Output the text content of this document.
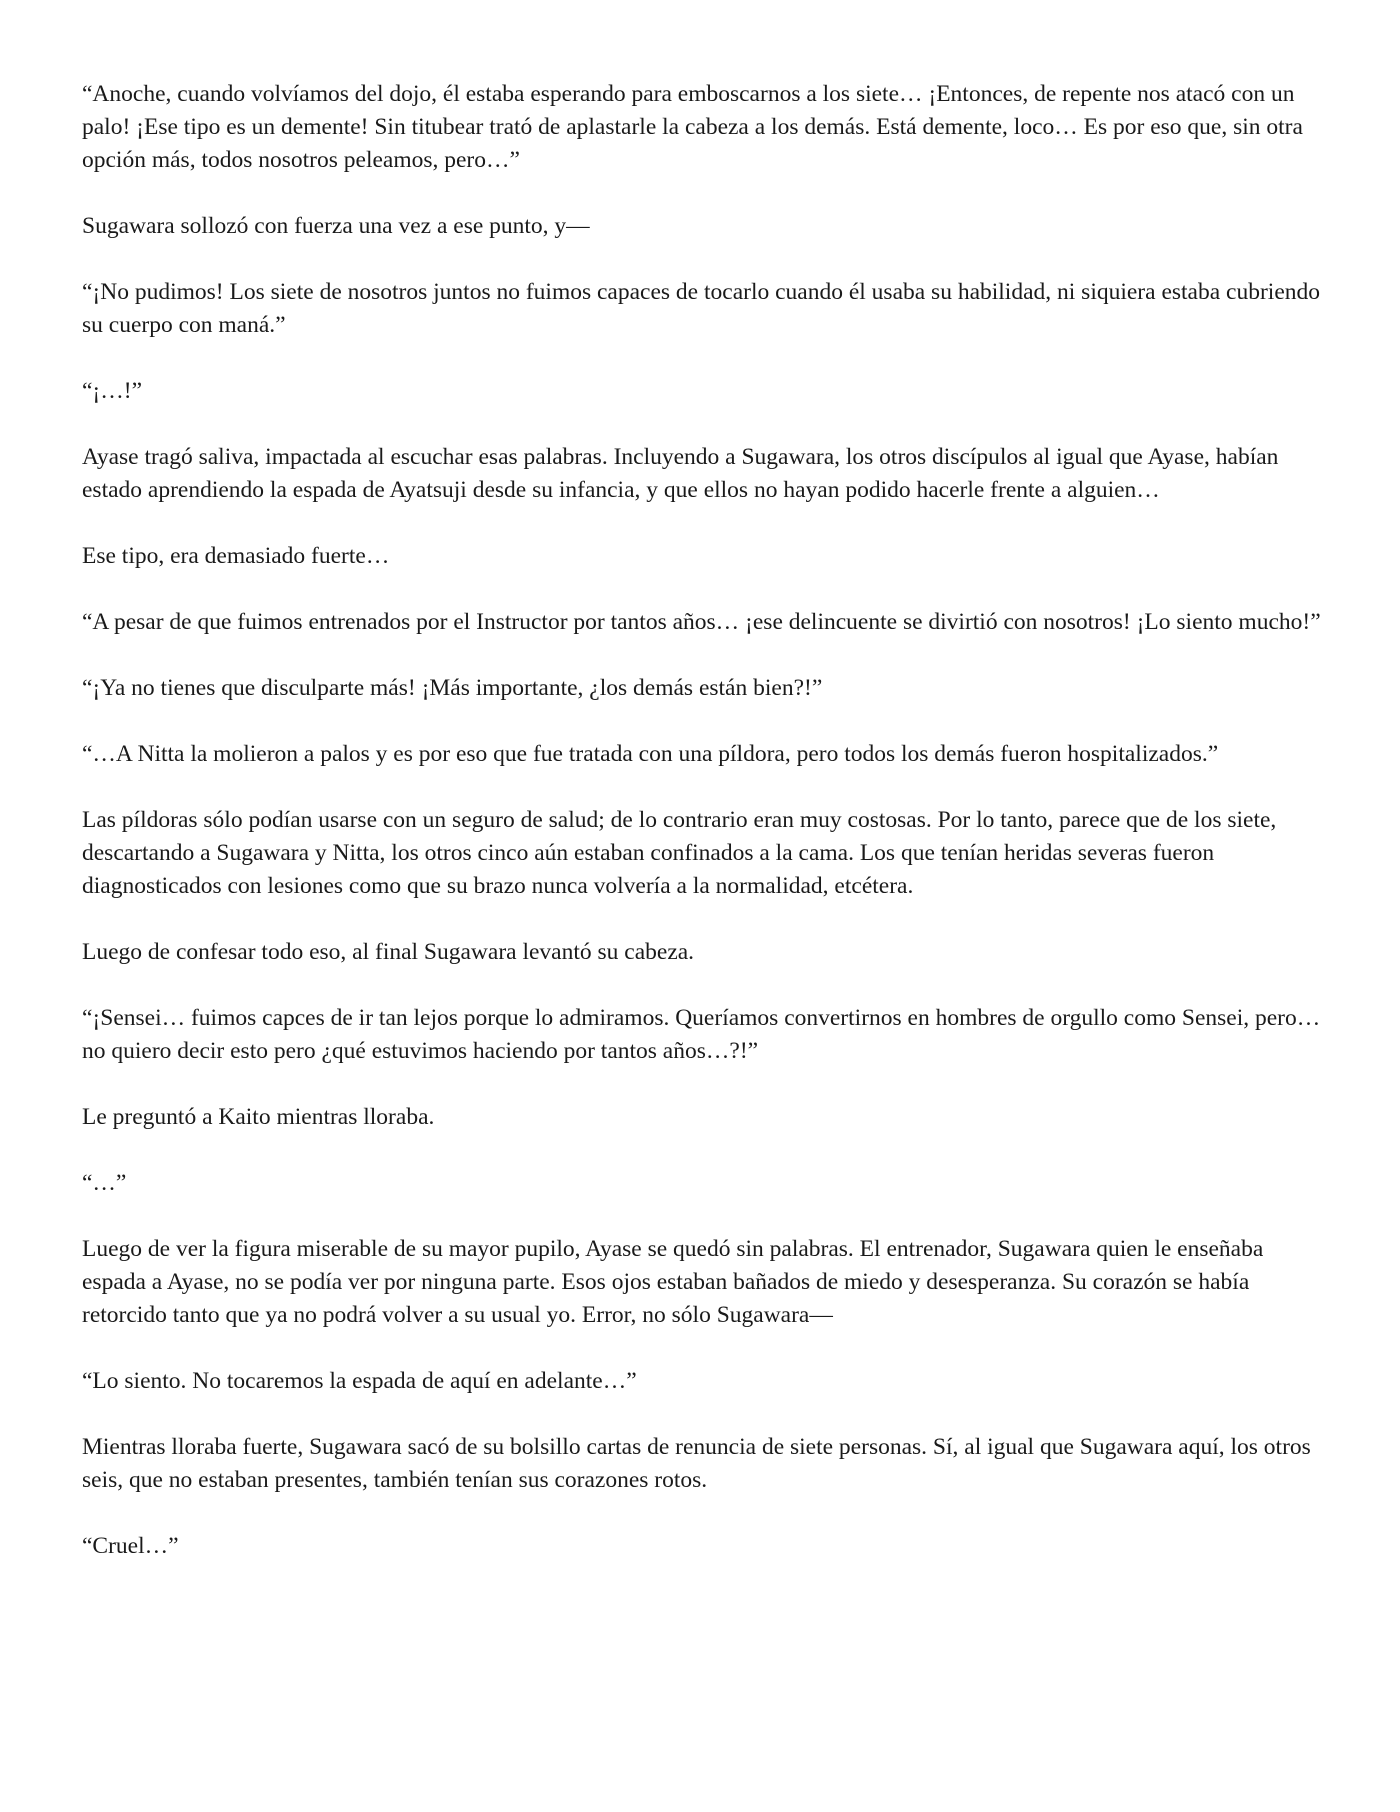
“Anoche, cuando volvíamos del dojo, él estaba esperando para emboscarnos a los siete… ¡Entonces, de repente nos atacó con un palo! ¡Ese tipo es un demente! Sin titubear trató de aplastarle la cabeza a los demás. Está demente, loco… Es por eso que, sin otra opción más, todos nosotros peleamos, pero…”

Sugawara sollozó con fuerza una vez a ese punto, y—

“¡No pudimos! Los siete de nosotros juntos no fuimos capaces de tocarlo cuando él usaba su habilidad, ni siquiera estaba cubriendo su cuerpo con maná.”

“¡…!”

Ayase tragó saliva, impactada al escuchar esas palabras. Incluyendo a Sugawara, los otros discípulos al igual que Ayase, habían estado aprendiendo la espada de Ayatsuji desde su infancia, y que ellos no hayan podido hacerle frente a alguien…

Ese tipo, era demasiado fuerte…

“A pesar de que fuimos entrenados por el Instructor por tantos años… ¡ese delincuente se divirtió con nosotros! ¡Lo siento mucho!”

“¡Ya no tienes que disculparte más! ¡Más importante, ¿los demás están bien?!”

“…A Nitta la molieron a palos y es por eso que fue tratada con una píldora, pero todos los demás fueron hospitalizados.”

Las píldoras sólo podían usarse con un seguro de salud; de lo contrario eran muy costosas. Por lo tanto, parece que de los siete, descartando a Sugawara y Nitta, los otros cinco aún estaban confinados a la cama. Los que tenían heridas severas fueron diagnosticados con lesiones como que su brazo nunca volvería a la normalidad, etcétera.

Luego de confesar todo eso, al final Sugawara levantó su cabeza.

“¡Sensei… fuimos capces de ir tan lejos porque lo admiramos. Queríamos convertirnos en hombres de orgullo como Sensei, pero… no quiero decir esto pero ¿qué estuvimos haciendo por tantos años…?!”

Le preguntó a Kaito mientras lloraba.

“…”

Luego de ver la figura miserable de su mayor pupilo, Ayase se quedó sin palabras. El entrenador, Sugawara quien le enseñaba espada a Ayase, no se podía ver por ninguna parte. Esos ojos estaban bañados de miedo y desesperanza. Su corazón se había retorcido tanto que ya no podrá volver a su usual yo. Error, no sólo Sugawara—

“Lo siento. No tocaremos la espada de aquí en adelante…”

Mientras lloraba fuerte, Sugawara sacó de su bolsillo cartas de renuncia de siete personas. Sí, al igual que Sugawara aquí, los otros seis, que no estaban presentes, también tenían sus corazones rotos.

“Cruel…”
